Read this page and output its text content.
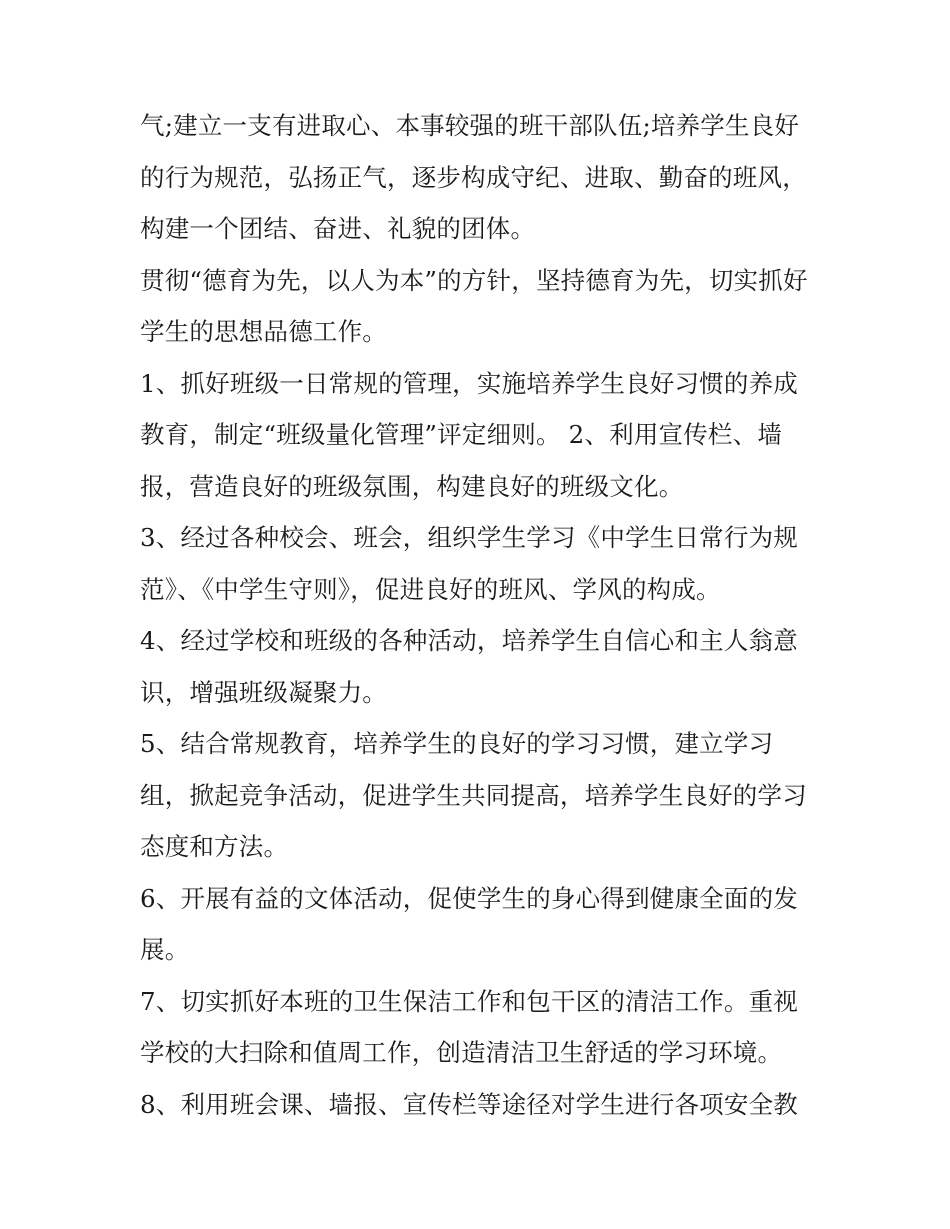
气;建立一支有进取心、本事较强的班干部队伍;培养学生良好
的行为规范，弘扬正气，逐步构成守纪、进取、勤奋的班风，
构建一个团结、奋进、礼貌的团体。
贯彻“德育为先，以人为本”的方针，坚持德育为先，切实抓好
学生的思想品德工作。
1、抓好班级一日常规的管理，实施培养学生良好习惯的养成
教育，制定“班级量化管理”评定细则。 2、利用宣传栏、墙
报，营造良好的班级氛围，构建良好的班级文化。
3、经过各种校会、班会，组织学生学习《中学生日常行为规
范》、《中学生守则》，促进良好的班风、学风的构成。
4、经过学校和班级的各种活动，培养学生自信心和主人翁意
识，增强班级凝聚力。
5、结合常规教育，培养学生的良好的学习习惯，建立学习
组，掀起竞争活动，促进学生共同提高，培养学生良好的学习
态度和方法。
6、开展有益的文体活动，促使学生的身心得到健康全面的发
展。
7、切实抓好本班的卫生保洁工作和包干区的清洁工作。重视
学校的大扫除和值周工作，创造清洁卫生舒适的学习环境。
8、利用班会课、墙报、宣传栏等途径对学生进行各项安全教
